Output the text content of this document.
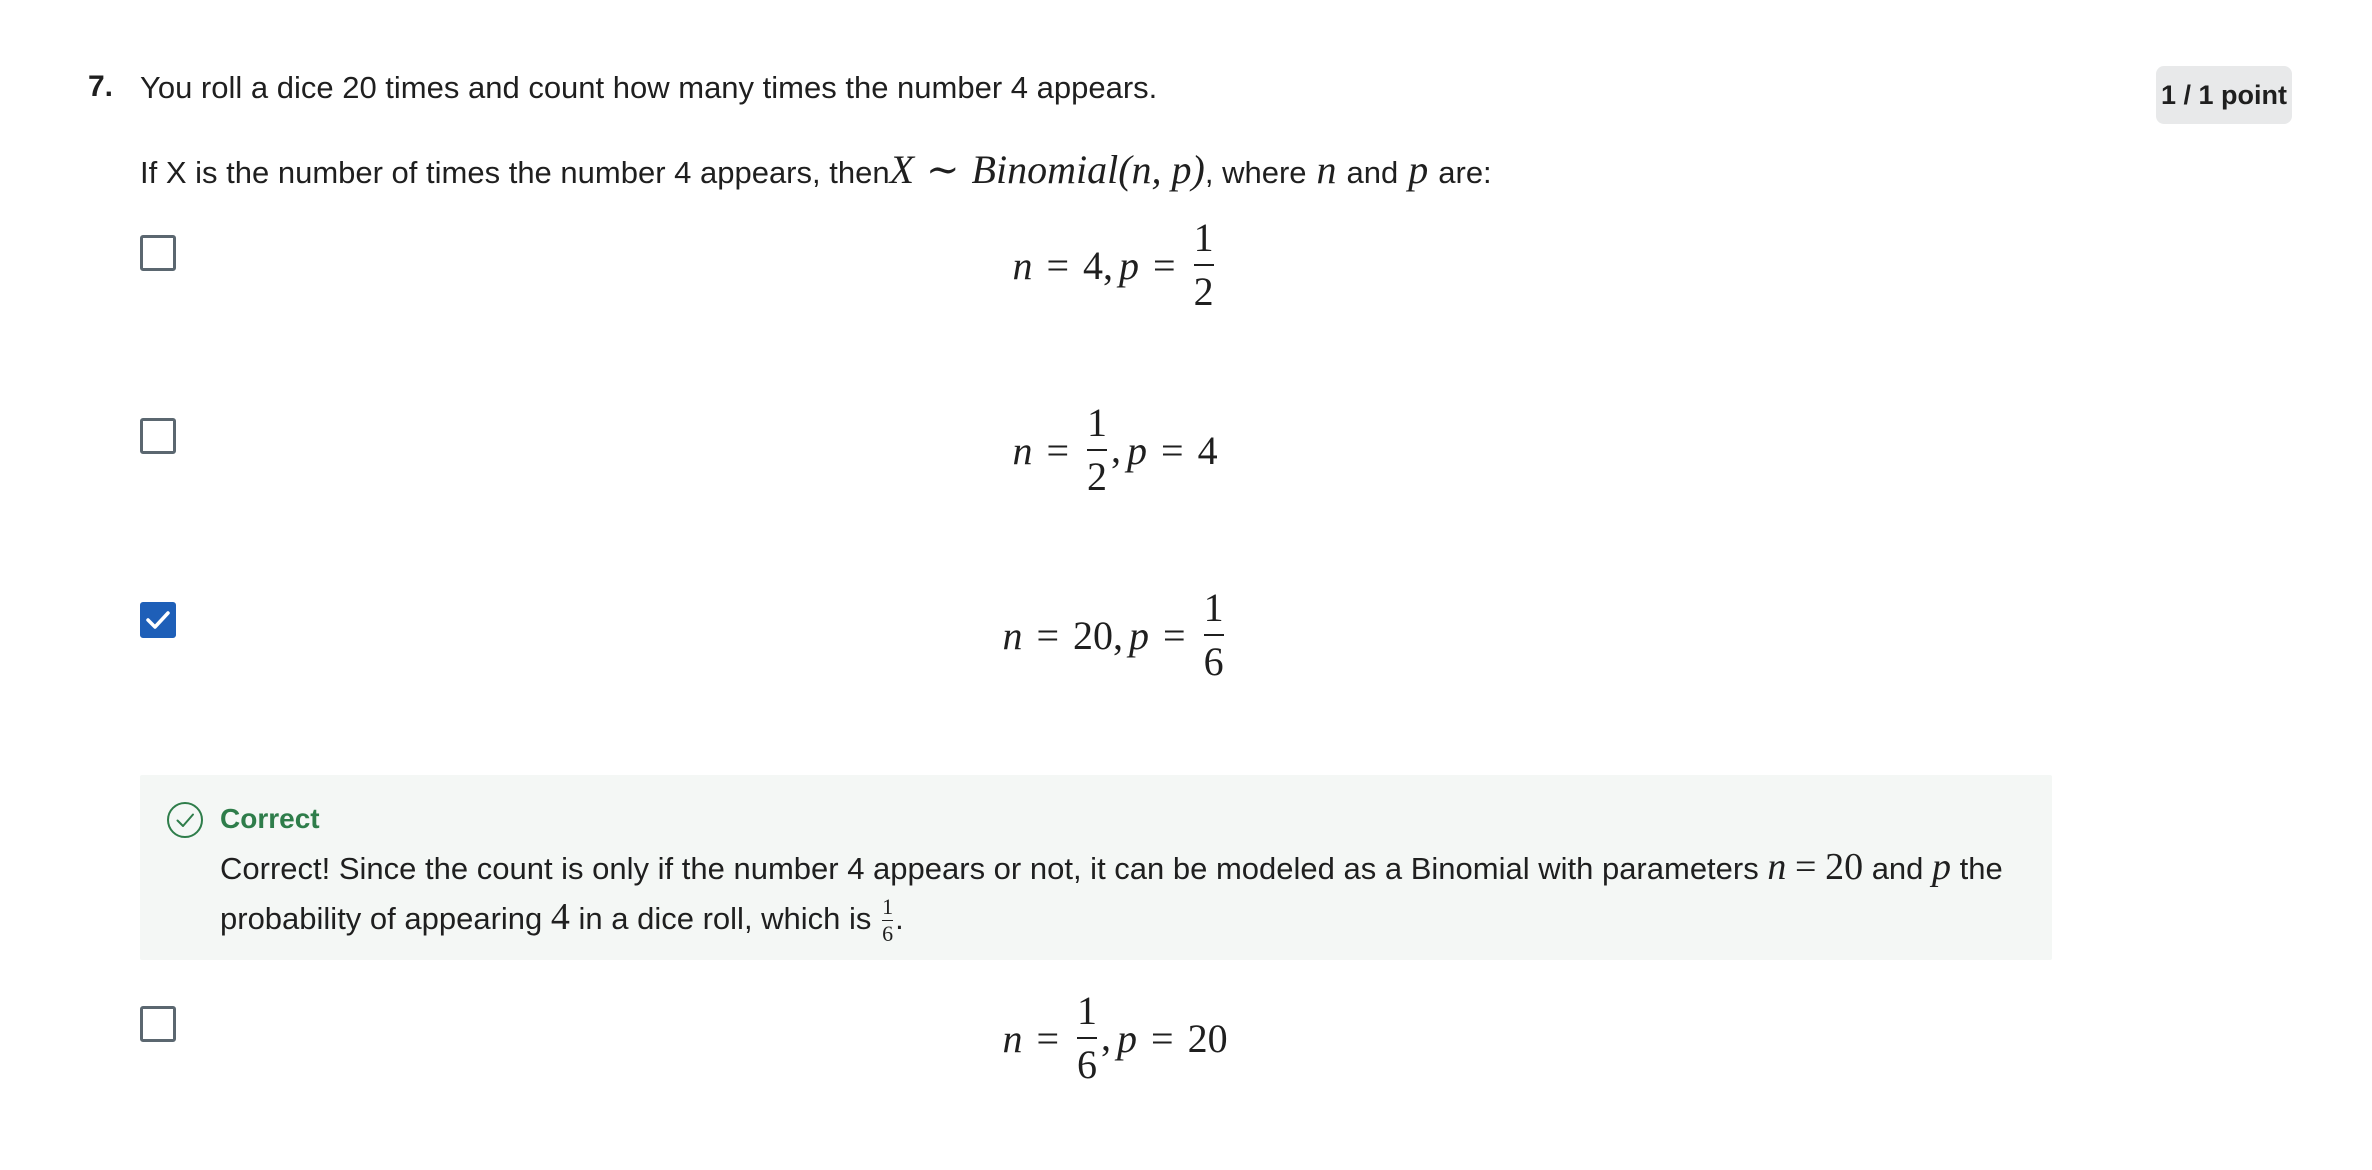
7. You roll a dice 20 times and count how many times the number 4 appears.	1 / 1 point
If X is the number of times the number 4 appears, then X ∼ Binomial (n, p) , where n and p are:
n = 4 , $p = \frac{1}{2}$
$n = \frac{1}{2}$ , p = 4
n = 20 , $p = \frac{1}{6}$
Correct
Correct! Since the count is only if the number 4 appears or not, it can be modeled as a Binomial with parameters n = 20 and p the probability of appearing 4 in a dice roll, which is $\frac{1}{6}$ .
$n = \frac{1}{6}$ , p = 20
